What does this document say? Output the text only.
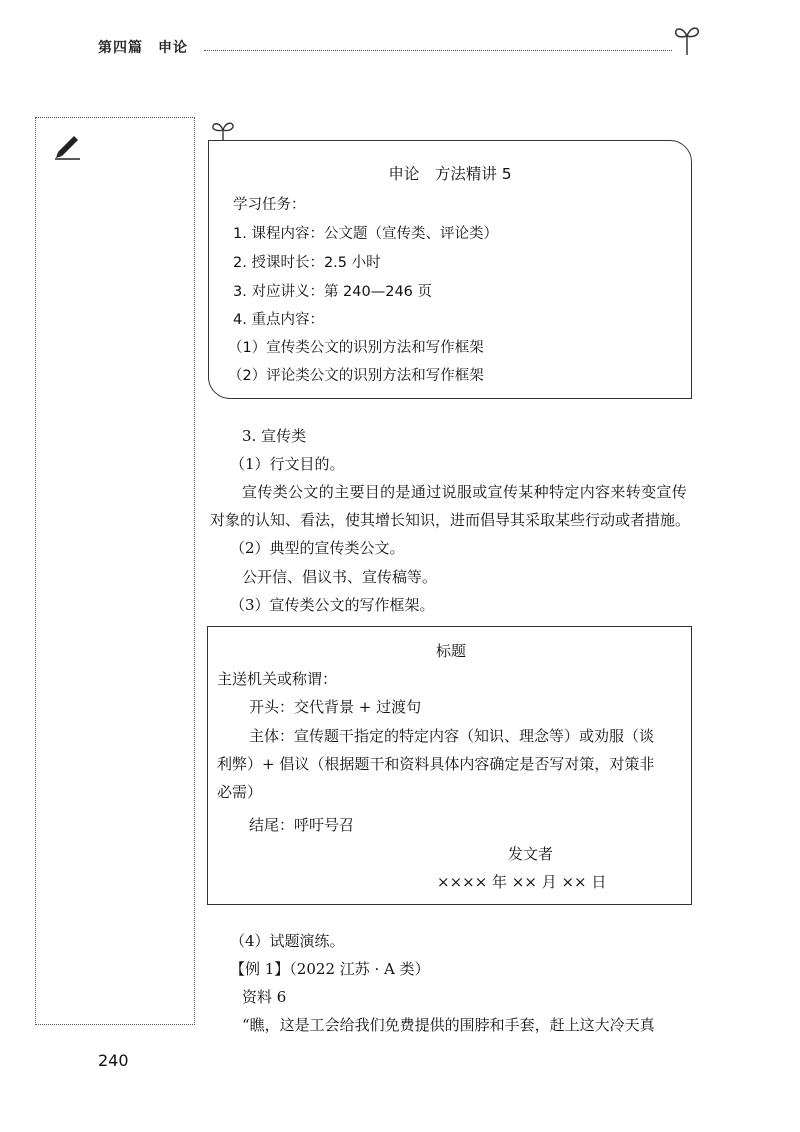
第四篇　申论
申论　方法精讲 5
学习任务：
1. 课程内容：公文题（宣传类、评论类）
2. 授课时长：2.5 小时
3. 对应讲义：第 240—246 页
4. 重点内容：
（1）宣传类公文的识别方法和写作框架
（2）评论类公文的识别方法和写作框架
3. 宣传类
（1）行文目的。
宣传类公文的主要目的是通过说服或宣传某种特定内容来转变宣传
对象的认知、看法，使其增长知识，进而倡导其采取某些行动或者措施。
（2）典型的宣传类公文。
公开信、倡议书、宣传稿等。
（3）宣传类公文的写作框架。
标题
主送机关或称谓：
开头：交代背景 + 过渡句
主体：宣传题干指定的特定内容（知识、理念等）或劝服（谈
利弊）+ 倡议（根据题干和资料具体内容确定是否写对策，对策非
必需）
结尾：呼吁号召
发文者
×××× 年 ×× 月 ×× 日
（4）试题演练。
【例 1】（2022 江苏 · A 类）
资料 6
“瞧，这是工会给我们免费提供的围脖和手套，赶上这大冷天真
240
